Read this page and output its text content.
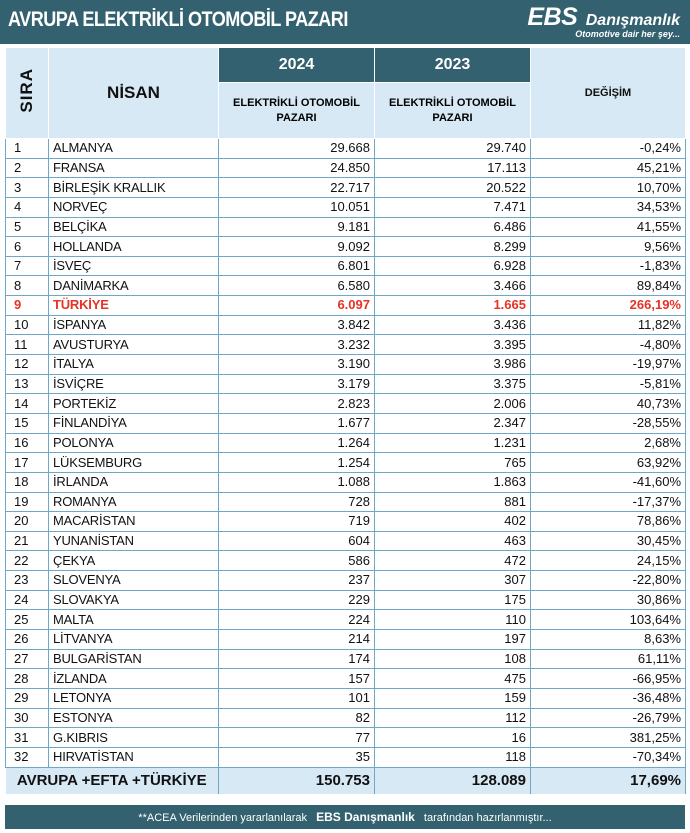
AVRUPA ELEKTRİKLİ OTOMOBİL PAZARI	EBS Danışmanlık
Otomotive dair her şey...
SIRA	NİSAN	2024	2023	DEĞİŞİM
		ELEKTRİKLİ OTOMOBİL PAZARI	ELEKTRİKLİ OTOMOBİL PAZARI	
1	ALMANYA	29.668	29.740	-0,24%
2	FRANSA	24.850	17.113	45,21%
3	BİRLEŞİK KRALLIK	22.717	20.522	10,70%
4	NORVEÇ	10.051	7.471	34,53%
5	BELÇİKA	9.181	6.486	41,55%
6	HOLLANDA	9.092	8.299	9,56%
7	İSVEÇ	6.801	6.928	-1,83%
8	DANİMARKA	6.580	3.466	89,84%
9	TÜRKİYE	6.097	1.665	266,19%
10	İSPANYA	3.842	3.436	11,82%
11	AVUSTURYA	3.232	3.395	-4,80%
12	İTALYA	3.190	3.986	-19,97%
13	İSVİÇRE	3.179	3.375	-5,81%
14	PORTEKİZ	2.823	2.006	40,73%
15	FİNLANDİYA	1.677	2.347	-28,55%
16	POLONYA	1.264	1.231	2,68%
17	LÜKSEMBURG	1.254	765	63,92%
18	İRLANDA	1.088	1.863	-41,60%
19	ROMANYA	728	881	-17,37%
20	MACARİSTAN	719	402	78,86%
21	YUNANİSTAN	604	463	30,45%
22	ÇEKYA	586	472	24,15%
23	SLOVENYA	237	307	-22,80%
24	SLOVAKYA	229	175	30,86%
25	MALTA	224	110	103,64%
26	LİTVANYA	214	197	8,63%
27	BULGARİSTAN	174	108	61,11%
28	İZLANDA	157	475	-66,95%
29	LETONYA	101	159	-36,48%
30	ESTONYA	82	112	-26,79%
31	G.KIBRIS	77	16	381,25%
32	HIRVATİSTAN	35	118	-70,34%
AVRUPA +EFTA +TÜRKİYE		150.753	128.089	17,69%
**ACEA Verilerinden yararlanılarak EBS Danışmanlık tarafından hazırlanmıştır...
